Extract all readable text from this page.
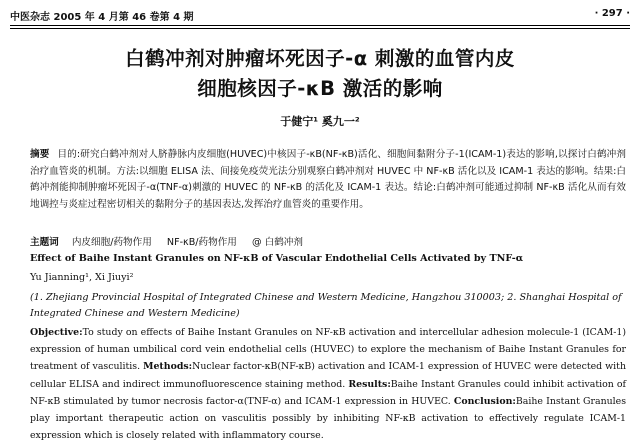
中医杂志 2005 年 4 月第 46 卷第 4 期	· 297 ·
白鹤冲剂对肿瘤坏死因子-α 刺激的血管内皮
细胞核因子-κB 激活的影响
于健宁¹ 奚九一²
摘要 目的:研究白鹤冲剂对人脐静脉内皮细胞(HUVEC)中核因子-κB(NF-κB)活化、细胞间黏附分子-1(ICAM-1)表达的影响,以探讨白鹤冲剂治疗血管炎的机制。方法:以细胞 ELISA 法、间接免疫荧光法分别观察白鹤冲剂对 HUVEC 中 NF-κB 活化以及 ICAM-1 表达的影响。结果:白鹤冲剂能抑制肿瘤坏死因子-α(TNF-α)刺激的 HUVEC 的 NF-κB 的活化及 ICAM-1 表达。结论:白鹤冲剂可能通过抑制 NF-κB 活化从而有效地调控与炎症过程密切相关的黏附分子的基因表达,发挥治疗血管炎的重要作用。
主题词 内皮细胞/药物作用 NF-κB/药物作用 @ 白鹤冲剂
Effect of Baihe Instant Granules on NF-κB of Vascular Endothelial Cells Activated by TNF-α
Yu Jianning¹, Xi Jiuyi²
(1. Zhejiang Provincial Hospital of Integrated Chinese and Western Medicine, Hangzhou 310003; 2. Shanghai Hospital of Integrated Chinese and Western Medicine)
Objective:To study on effects of Baihe Instant Granules on NF-κB activation and intercellular adhesion molecule-1 (ICAM-1) expression of human umbilical cord vein endothelial cells (HUVEC) to explore the mechanism of Baihe Instant Granules for treatment of vasculitis. Methods:Nuclear factor-κB(NF-κB) activation and ICAM-1 expression of HUVEC were detected with cellular ELISA and indirect immunofluorescence staining method. Results:Baihe Instant Granules could inhibit activation of NF-κB stimulated by tumor necrosis factor-α(TNF-α) and ICAM-1 expression in HUVEC. Conclusion:Baihe Instant Granules play important therapeutic action on vasculitis possibly by inhibiting NF-κB activation to effectively regulate ICAM-1 expression which is closely related with inflammatory course.
